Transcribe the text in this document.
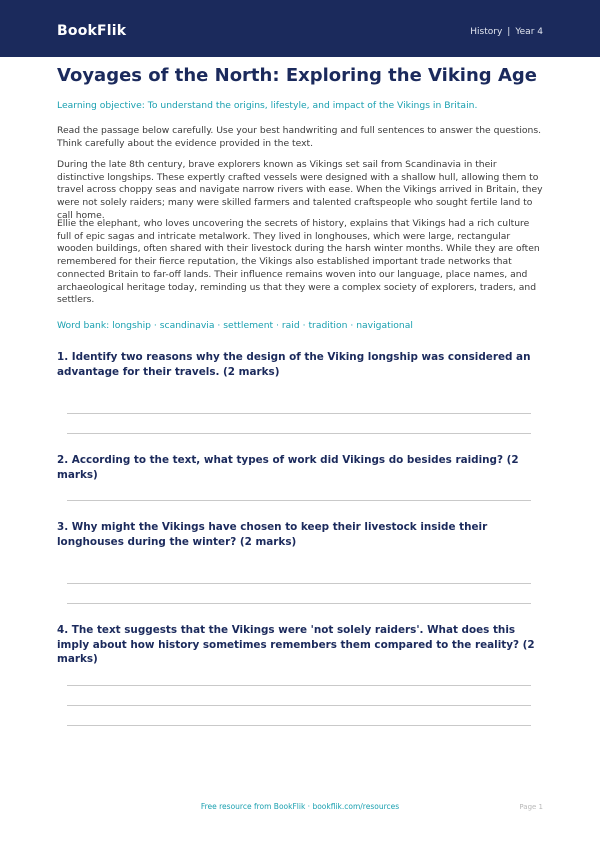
BookFlik	History | Year 4
Voyages of the North: Exploring the Viking Age

Learning objective: To understand the origins, lifestyle, and impact of the Vikings in Britain.

Read the passage below carefully. Use your best handwriting and full sentences to answer the questions. Think carefully about the evidence provided in the text.

During the late 8th century, brave explorers known as Vikings set sail from Scandinavia in their distinctive longships. These expertly crafted vessels were designed with a shallow hull, allowing them to travel across choppy seas and navigate narrow rivers with ease. When the Vikings arrived in Britain, they were not solely raiders; many were skilled farmers and talented craftspeople who sought fertile land to call home.

Ellie the elephant, who loves uncovering the secrets of history, explains that Vikings had a rich culture full of epic sagas and intricate metalwork. They lived in longhouses, which were large, rectangular wooden buildings, often shared with their livestock during the harsh winter months. While they are often remembered for their fierce reputation, the Vikings also established important trade networks that connected Britain to far-off lands. Their influence remains woven into our language, place names, and archaeological heritage today, reminding us that they were a complex society of explorers, traders, and settlers.

Word bank: longship · scandinavia · settlement · raid · tradition · navigational

1. Identify two reasons why the design of the Viking longship was considered an advantage for their travels. (2 marks)

2. According to the text, what types of work did Vikings do besides raiding? (2 marks)

3. Why might the Vikings have chosen to keep their livestock inside their longhouses during the winter? (2 marks)

4. The text suggests that the Vikings were 'not solely raiders'. What does this imply about how history sometimes remembers them compared to the reality? (2 marks)

Free resource from BookFlik · bookflik.com/resources	Page 1
